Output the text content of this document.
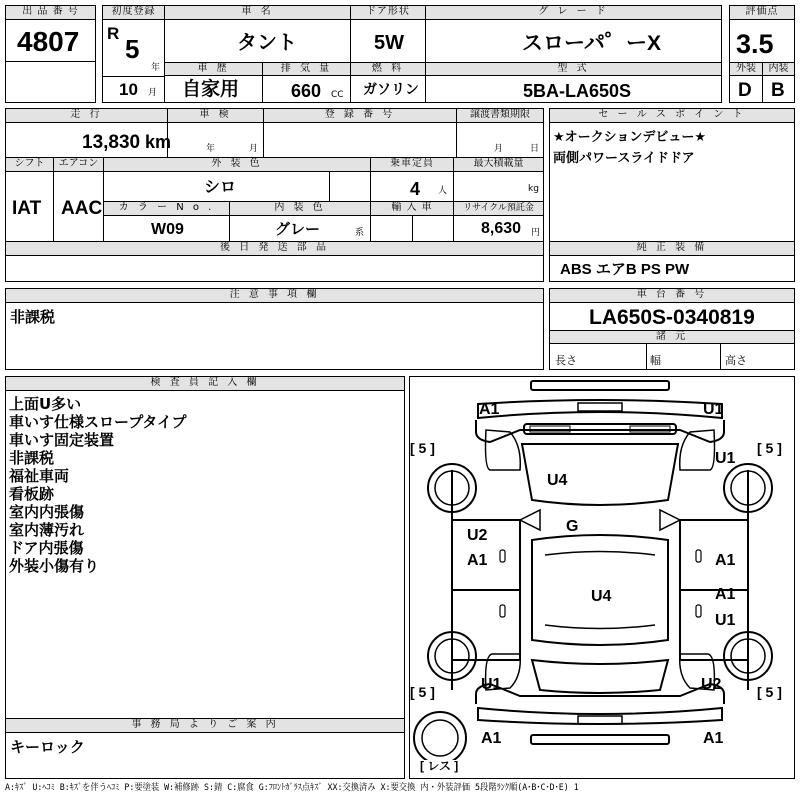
出 品 番 号
4807
初度登録
R
5
年
車 名
タント
ドア形状
5W
グ レ ー ド
スローパ゜ーX
評価点
3.5
10 月
車 歴
自家用
排 気 量
660 CC
燃 料
ガソリン
型 式
5BA-LA650S
外装
D
内装
B
走 行
13,830 km
車 検
年	月
登 録 番 号	譲渡書類期限
月	日
シフト
IAT
エアコン
AAC
外 装 色
シロ
乗車定員
4 人
最大積載量
kg
カ ラ ー N o .
W09
内 装 色
グレー	系
輸 入 車	リサイクル預託金
8,630 円
後 日 発 送 部 品
セ ー ル ス ポ イ ン ト
★オークションデビュー★
両側パワースライドドア
純 正 装 備
ABS エアB PS PW
注 意 事 項 欄
非課税
車 台 番 号
LA650S-0340819
諸 元
長さ	幅	高さ
検 査 員 記 入 欄
上面U多い
車いす仕様スロープタイプ
車いす固定装置
非課税
福祉車両
看板跡
室内内張傷
室内薄汚れ
ドア内張傷
外装小傷有り
事 務 局 よ り ご 案 内
キーロック
A1	U1
[ 5 ]	[ 5 ]
U1
U4
G
U2
A1	A1
A1
U4
U1
[ 5 ]	[ 5 ]
U1	U2
A1	A1
[ レス ]
A:ｷｽﾞ U:ﾍｺﾐ B:ｷｽﾞを伴うﾍｺﾐ P:要塗装 W:補修跡 S:錆 C:腐食 G:ﾌﾛﾝﾄｶﾞﾗｽ点ｷｽﾞ XX:交換済み X:要交換 内・外装評価 5段階ﾗﾝｸ順(A･B･C･D･E) 1
